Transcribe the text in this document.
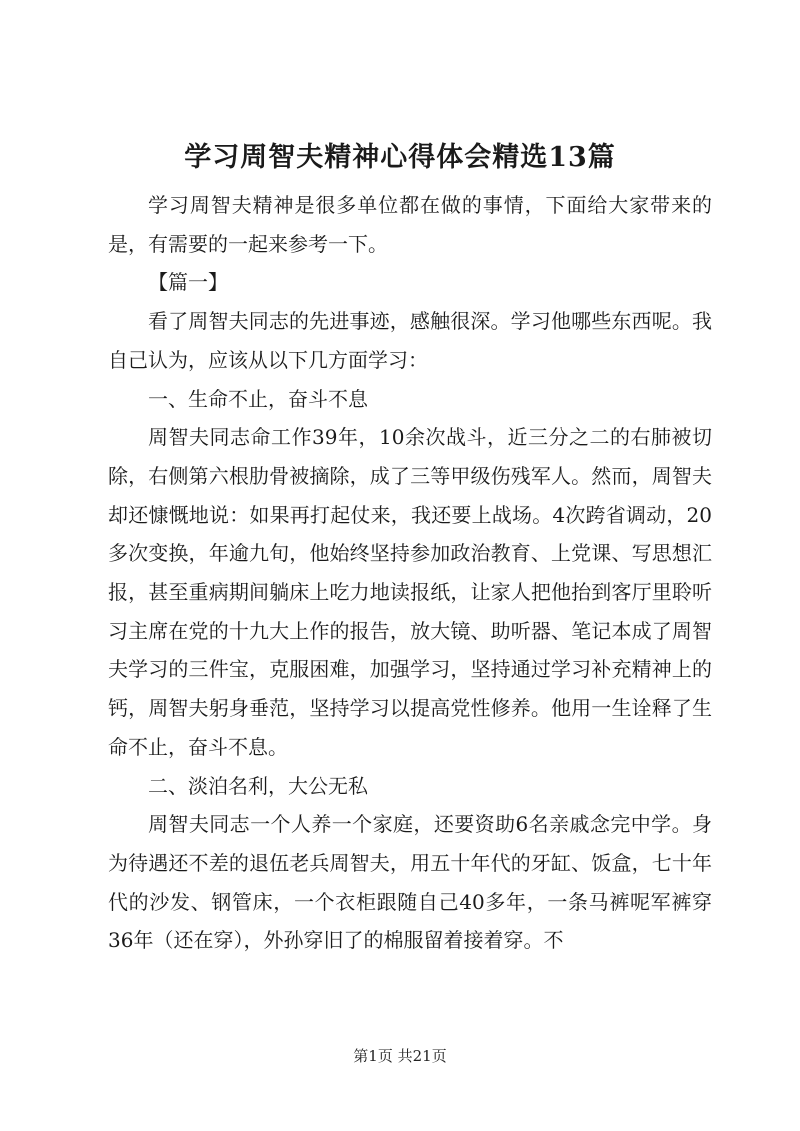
学习周智夫精神心得体会精选13篇

学习周智夫精神是很多单位都在做的事情，下面给大家带来的是，有需要的一起来参考一下。

【篇一】

看了周智夫同志的先进事迹，感触很深。学习他哪些东西呢。我自己认为，应该从以下几方面学习：

一、生命不止，奋斗不息

周智夫同志命工作39年，10余次战斗，近三分之二的右肺被切除，右侧第六根肋骨被摘除，成了三等甲级伤残军人。然而，周智夫却还慷慨地说：如果再打起仗来，我还要上战场。4次跨省调动，20多次变换，年逾九旬，他始终坚持参加政治教育、上党课、写思想汇报，甚至重病期间躺床上吃力地读报纸，让家人把他抬到客厅里聆听习主席在党的十九大上作的报告，放大镜、助听器、笔记本成了周智夫学习的三件宝，克服困难，加强学习，坚持通过学习补充精神上的钙，周智夫躬身垂范，坚持学习以提高党性修养。他用一生诠释了生命不止，奋斗不息。

二、淡泊名利，大公无私

周智夫同志一个人养一个家庭，还要资助6名亲戚念完中学。身为待遇还不差的退伍老兵周智夫，用五十年代的牙缸、饭盒，七十年代的沙发、钢管床，一个衣柜跟随自己40多年，一条马裤呢军裤穿36年（还在穿），外孙穿旧了的棉服留着接着穿。不

第1页 共21页
